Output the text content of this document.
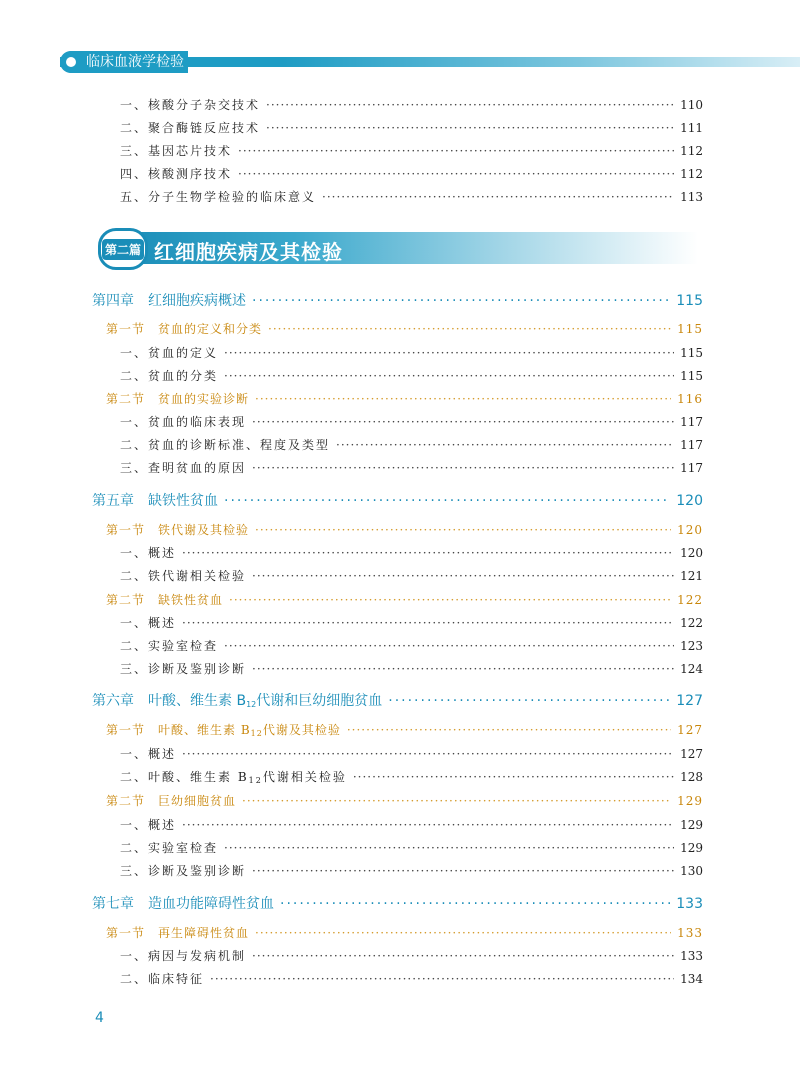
临床血液学检验
一、核酸分子杂交技术 ·····	110
二、聚合酶链反应技术 ·····	111
三、基因芯片技术 ·····	112
四、核酸测序技术 ·····	112
五、分子生物学检验的临床意义 ·····	113
第二篇 红细胞疾病及其检验
第四章　红细胞疾病概述 ·····	115
第一节　贫血的定义和分类 ·····	115
一、贫血的定义 ·····	115
二、贫血的分类 ·····	115
第二节　贫血的实验诊断 ·····	116
一、贫血的临床表现 ·····	117
二、贫血的诊断标准、程度及类型 ·····	117
三、查明贫血的原因 ·····	117
第五章　缺铁性贫血 ·····	120
第一节　铁代谢及其检验 ·····	120
一、概述 ·····	120
二、铁代谢相关检验 ·····	121
第二节　缺铁性贫血 ·····	122
一、概述 ·····	122
二、实验室检查 ·····	123
三、诊断及鉴别诊断 ·····	124
第六章　叶酸、维生素 $B_{12}$代谢和巨幼细胞贫血 ·····	127
第一节　叶酸、维生素 $B_{12}$代谢及其检验 ·····	127
一、概述 ·····	127
二、叶酸、维生素 $B_{12}$代谢相关检验 ·····	128
第二节　巨幼细胞贫血 ·····	129
一、概述 ·····	129
二、实验室检查 ·····	129
三、诊断及鉴别诊断 ·····	130
第七章　造血功能障碍性贫血 ·····	133
第一节　再生障碍性贫血 ·····	133
一、病因与发病机制 ·····	133
二、临床特征 ·····	134
4
